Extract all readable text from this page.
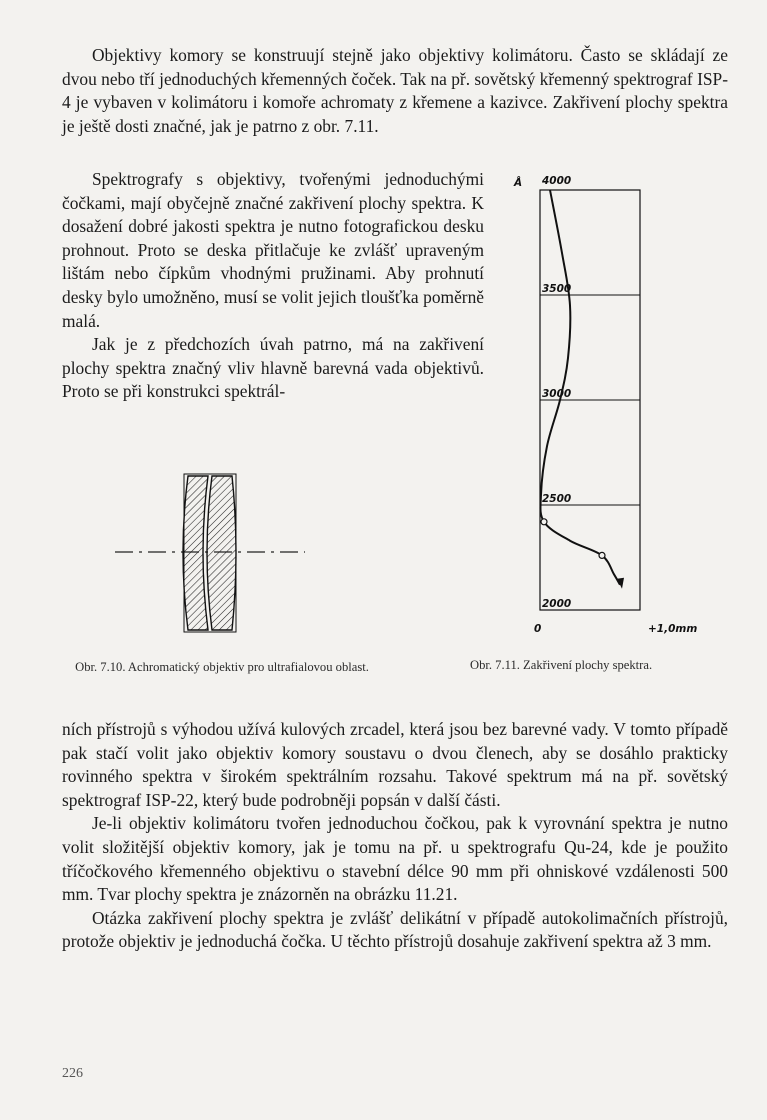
Objektivy komory se konstruují stejně jako objektivy kolimátoru. Často se skládají ze dvou nebo tří jednoduchých křemenných čoček. Tak na př. sovětský křemenný spektrograf ISP-4 je vybaven v kolimátoru i komoře achromaty z křemene a kazivce. Zakřivení plochy spektra je ještě dosti značné, jak je patrno z obr. 7.11.

Spektrografy s objektivy, tvořenými jednoduchými čočkami, mají obyčejně značné zakřivení plochy spektra. K dosažení dobré jakosti spektra je nutno fotografickou desku prohnout. Proto se deska přitlačuje ke zvlášť upraveným lištám nebo čípkům vhodnými pružinami. Aby prohnutí desky bylo umožněno, musí se volit jejich tloušťka poměrně malá.

Jak je z předchozích úvah patrno, má na zakřivení plochy spektra značný vliv hlavně barevná vada objektivů. Proto se při konstrukci spektrál-

4000
3500
3000
2500
2000
Å
0	+1,0mm
Obr. 7.10. Achromatický objektiv pro ultrafialovou oblast.	Obr. 7.11. Zakřivení plochy spektra.

ních přístrojů s výhodou užívá kulových zrcadel, která jsou bez barevné vady. V tomto případě pak stačí volit jako objektiv komory soustavu o dvou členech, aby se dosáhlo prakticky rovinného spektra v širokém spektrálním rozsahu. Takové spektrum má na př. sovětský spektrograf ISP-22, který bude podrobněji popsán v další části.

Je-li objektiv kolimátoru tvořen jednoduchou čočkou, pak k vyrovnání spektra je nutno volit složitější objektiv komory, jak je tomu na př. u spektrografu Qu-24, kde je použito tříčočkového křemenného objektivu o stavební délce 90 mm při ohniskové vzdálenosti 500 mm. Tvar plochy spektra je znázorněn na obrázku 11.21.

Otázka zakřivení plochy spektra je zvlášť delikátní v případě autokolimačních přístrojů, protože objektiv je jednoduchá čočka. U těchto přístrojů dosahuje zakřivení spektra až 3 mm.

226
